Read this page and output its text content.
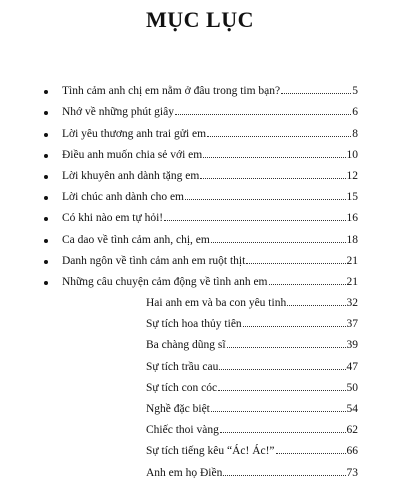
MỤC LỤC
Tình cảm anh chị em nằm ở đâu trong tim bạn?	5
Nhớ về những phút giây	6
Lời yêu thương anh trai gửi em	8
Điều anh muốn chia sẻ với em	10
Lời khuyên anh dành tặng em	12
Lời chúc anh dành cho em	15
Có khi nào em tự hỏi!	16
Ca dao về tình cảm anh, chị, em	18
Danh ngôn về tình cảm anh em ruột thịt	21
Những câu chuyện cảm động về tình anh em	21
Hai anh em và ba con yêu tinh	32
Sự tích hoa thủy tiên	37
Ba chàng dũng sĩ	39
Sự tích trầu cau	47
Sự tích con cóc	50
Nghề đặc biệt	54
Chiếc thoi vàng	62
Sự tích tiếng kêu “Ác! Ác!”	66
Anh em họ Điền	73
